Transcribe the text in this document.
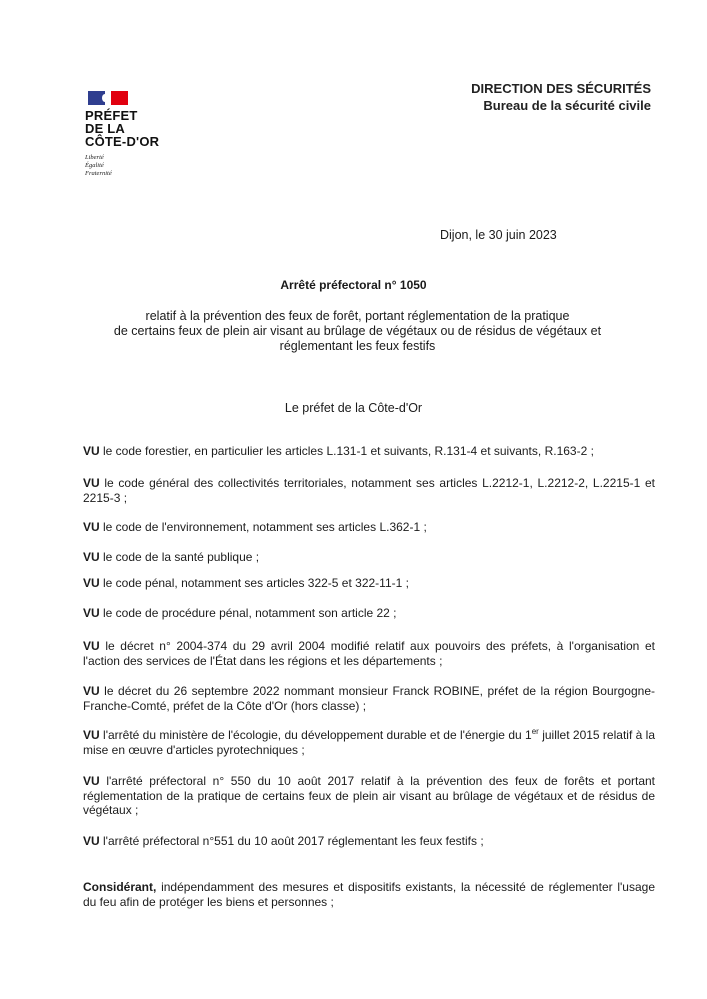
PRÉFET
DE LA
CÔTE-D'OR
Liberté
Égalité
Fraternité
DIRECTION DES SÉCURITÉS
Bureau de la sécurité civile
Dijon, le 30 juin 2023
Arrêté préfectoral n° 1050
relatif à la prévention des feux de forêt, portant réglementation de la pratique
de certains feux de plein air visant au brûlage de végétaux ou de résidus de végétaux et
réglementant les feux festifs
Le préfet de la Côte-d'Or
VU le code forestier, en particulier les articles L.131-1 et suivants, R.131-4 et suivants, R.163-2 ;
VU le code général des collectivités territoriales, notamment ses articles L.2212-1, L.2212-2, L.2215-1 et 2215-3 ;
VU le code de l'environnement, notamment ses articles L.362-1 ;
VU le code de la santé publique ;
VU le code pénal, notamment ses articles 322-5 et 322-11-1 ;
VU le code de procédure pénal, notamment son article 22 ;
VU le décret n° 2004-374 du 29 avril 2004 modifié relatif aux pouvoirs des préfets, à l'organisation et l'action des services de l'État dans les régions et les départements ;
VU le décret du 26 septembre 2022 nommant monsieur Franck ROBINE, préfet de la région Bourgogne-Franche-Comté, préfet de la Côte d'Or (hors classe) ;
VU l'arrêté du ministère de l'écologie, du développement durable et de l'énergie du 1er juillet 2015 relatif à la mise en œuvre d'articles pyrotechniques ;
VU l'arrêté préfectoral n° 550 du 10 août 2017 relatif à la prévention des feux de forêts et portant réglementation de la pratique de certains feux de plein air visant au brûlage de végétaux et de résidus de végétaux ;
VU l'arrêté préfectoral n°551 du 10 août 2017 réglementant les feux festifs ;
Considérant, indépendamment des mesures et dispositifs existants, la nécessité de réglementer l'usage du feu afin de protéger les biens et personnes ;
